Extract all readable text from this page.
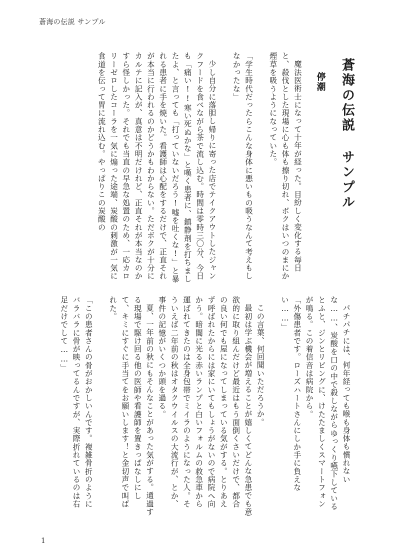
蒼海の伝説 サンプル
蒼海の伝説 サンプル
停潮

魔法医術士になって十年が経った。目紛しく変化する毎日と、殺伐とした現場に心も体も擦り切れ、ボクはいつのまにか煙草を吸うようになっていた。

「学生時代だったらこんな身体に悪いもの吸うなんて考えもしなかったな」

少し自分に落胆し帰りに寄った店でテイクアウトしたジャンクフードを食べながら茶で流し込む。時間は零時三〇分、今日も「痛い!!寒い死ぬかな」と嘆く患者に、鎮静剤を打ちましたよ、と言っても「打っていないだろう!嘘を吐くな!」と暴れる患者に手を焼いた。看護師は心配をするだけで、正直それが本当に行われるのかどうかもわからない。ただボクが十分にカルテに記入が、真意は不明だけれど、正直それが本当なのかすら怪しかった。それでも当直の早急な処置のため、一応カロリーゼロしたコーラを一気に煽った途端、炭酸の刺激が一気に食道を伝って胃に流れ込む。やっぱりこの炭酸の

パチパチには、何年経っても喉も身体も慣れないな……、炭酸を口の中で殺しながらゆっくり嚥下しているとふと、ジンとリビングに、けたたましくスマートフォンが鳴る。この着信音は病院から。

「外傷患者です。ローズハートさんにしか手に負えない……」

この言葉、何回聞いただろうか。

最初は学ぶ機会が増えることが嬉しくてどんな急患でも意欲的に取り組んだけど最近はもう面倒くさいだけで、都合の良い何でも屋になってしまっている気がする。とりあえず呼ばれたからには家にいてもしょうがないので病院へ向かう。暗闇に光る赤いランプと白いフォルムの救急車から運ばれてきたのは全身包帯でミイラのようになった人。そういえば二年前の秋はオタクウイルスの大流行が、とか、事件の記憶がいくつか頭を過る。

夏、一年前の秋にもそんなことがあった気がする。通過する現場で駆け回る他の医師や看護師を置きっぱなしにして、キミにすぐに手当てをお願いします！と金切声で叫ばれた。

「この患者さんの骨がおかしいんです。複雑骨折のようにバラバラに骨が映ってるんですが、実際折れているのは右足だけでして……」

1
